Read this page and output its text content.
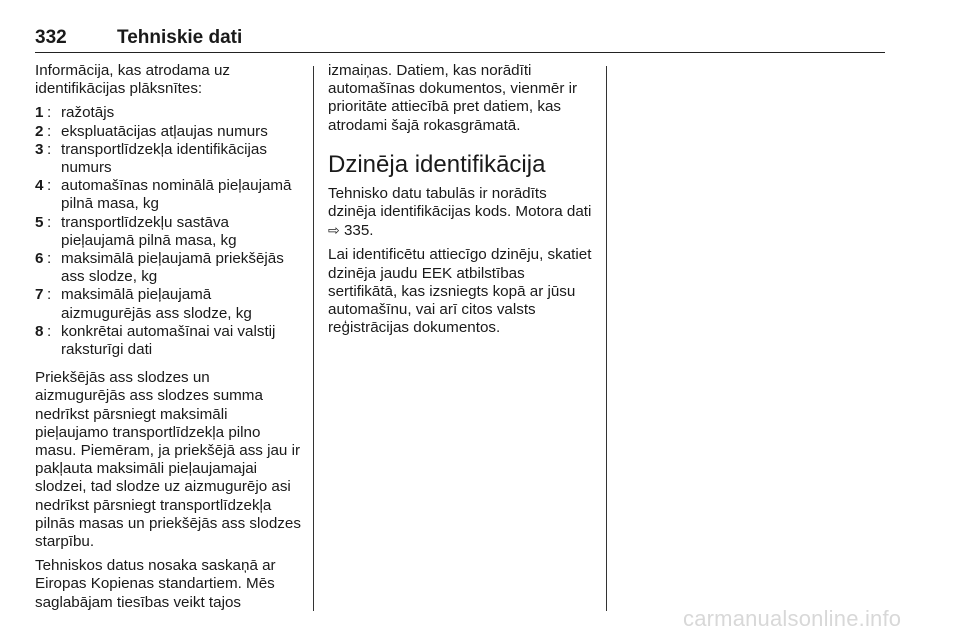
332	Tehniskie dati

Informācija, kas atrodama uz identifikācijas plāksnītes:

1 : ražotājs
2 : ekspluatācijas atļaujas numurs
3 : transportlīdzekļa identifikācijas numurs
4 : automašīnas nominālā pieļaujamā pilnā masa, kg
5 : transportlīdzekļu sastāva pieļaujamā pilnā masa, kg
6 : maksimālā pieļaujamā priekšējās ass slodze, kg
7 : maksimālā pieļaujamā aizmugurējās ass slodze, kg
8 : konkrētai automašīnai vai valstij raksturīgi dati

Priekšējās ass slodzes un aizmugurējās ass slodzes summa nedrīkst pārsniegt maksimāli pieļaujamo transportlīdzekļa pilno masu. Piemēram, ja priekšējā ass jau ir pakļauta maksimāli pieļaujamajai slodzei, tad slodze uz aizmugurējo asi nedrīkst pārsniegt transportlīdzekļa pilnās masas un priekšējās ass slodzes starpību.

Tehniskos datus nosaka saskaņā ar Eiropas Kopienas standartiem. Mēs saglabājam tiesības veikt tajos

izmaiņas. Datiem, kas norādīti automašīnas dokumentos, vienmēr ir prioritāte attiecībā pret datiem, kas atrodami šajā rokasgrāmatā.

Dzinēja identifikācija

Tehnisko datu tabulās ir norādīts dzinēja identifikācijas kods. Motora dati ⇨ 335.

Lai identificētu attiecīgo dzinēju, skatiet dzinēja jaudu EEK atbilstības sertifikātā, kas izsniegts kopā ar jūsu automašīnu, vai arī citos valsts reģistrācijas dokumentos.

carmanualsonline.info
